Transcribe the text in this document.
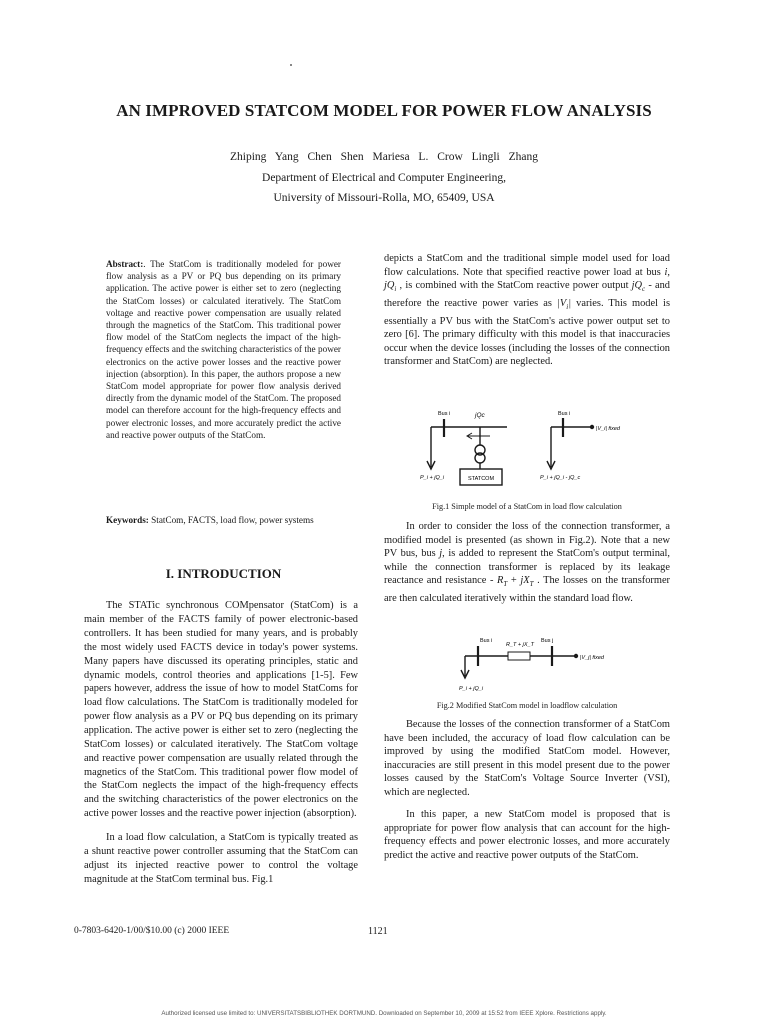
AN IMPROVED STATCOM MODEL FOR POWER FLOW ANALYSIS
Zhiping Yang Chen Shen Mariesa L. Crow Lingli Zhang
Department of Electrical and Computer Engineering,
University of Missouri-Rolla, MO, 65409, USA
Abstract:. The StatCom is traditionally modeled for power flow analysis as a PV or PQ bus depending on its primary application. The active power is either set to zero (neglecting the StatCom losses) or calculated iteratively. The StatCom voltage and reactive power compensation are usually related through the magnetics of the StatCom. This traditional power flow model of the StatCom neglects the impact of the high-frequency effects and the switching characteristics of the power electronics on the active power losses and the reactive power injection (absorption). In this paper, the authors propose a new StatCom model appropriate for power flow analysis derived directly from the dynamic model of the StatCom. The proposed model can therefore account for the high-frequency effects and power electronic losses, and more accurately predict the active and reactive power outputs of the StatCom.
Keywords: StatCom, FACTS, load flow, power systems
I. INTRODUCTION

The STATic synchronous COMpensator (StatCom) is a main member of the FACTS family of power electronic-based controllers. It has been studied for many years, and is probably the most widely used FACTS device in today's power systems. Many papers have discussed its operating principles, static and dynamic models, control theories and applications [1-5]. Few papers however, address the issue of how to model StatComs for load flow calculations. The StatCom is traditionally modeled for power flow analysis as a PV or PQ bus depending on its primary application. The active power is either set to zero (neglecting the StatCom losses) or calculated iteratively. The StatCom voltage and reactive power compensation are usually related through the magnetics of the StatCom. This traditional power flow model of the StatCom neglects the impact of the high-frequency effects and the switching characteristics of the power electronics on the active power losses and the reactive power injection (absorption).

In a load flow calculation, a StatCom is typically treated as a shunt reactive power controller assuming that the StatCom can adjust its injected reactive power to control the voltage magnitude at the StatCom terminal bus. Fig.1

depicts a StatCom and the traditional simple model used for load flow calculations. Note that specified reactive power load at bus i, $jQ_i$ , is combined with the StatCom reactive power output $jQ_c$ - and therefore the reactive power varies as $|V_i|$ varies. This model is essentially a PV bus with the StatCom's active power output set to zero [6]. The primary difficulty with this model is that inaccuracies occur when the device losses (including the losses of the connection transformer and StatCom) are neglected.
Bus i	jQc
STATCOM
P_i + jQ_i
Bus i
|V_i| fixed
P_i + jQ_i - jQ_c
Fig.1 Simple model of a StatCom in load flow calculation
In order to consider the loss of the connection transformer, a modified model is presented (as shown in Fig.2). Note that a new PV bus, bus j, is added to represent the StatCom's output terminal, while the connection transformer is replaced by its leakage reactance and resistance - $R_T + jX_T$ . The losses on the transformer are then calculated iteratively within the standard load flow.
Bus i
R_T + jX_T
Bus j
|V_j| fixed
P_i + jQ_i
Fig.2 Modified StatCom model in loadflow calculation
Because the losses of the connection transformer of a StatCom have been included, the accuracy of load flow calculation can be improved by using the modified StatCom model. However, inaccuracies are still present in this model present due to the power losses caused by the StatCom's Voltage Source Inverter (VSI), which are neglected.
In this paper, a new StatCom model is proposed that is appropriate for power flow analysis that can account for the high-frequency effects and power electronic losses, and more accurately predict the active and reactive power outputs of the StatCom.
0-7803-6420-1/00/$10.00 (c) 2000 IEEE	1121
Authorized licensed use limited to: UNIVERSITATSBIBLIOTHEK DORTMUND. Downloaded on September 10, 2009 at 15:52 from IEEE Xplore. Restrictions apply.
